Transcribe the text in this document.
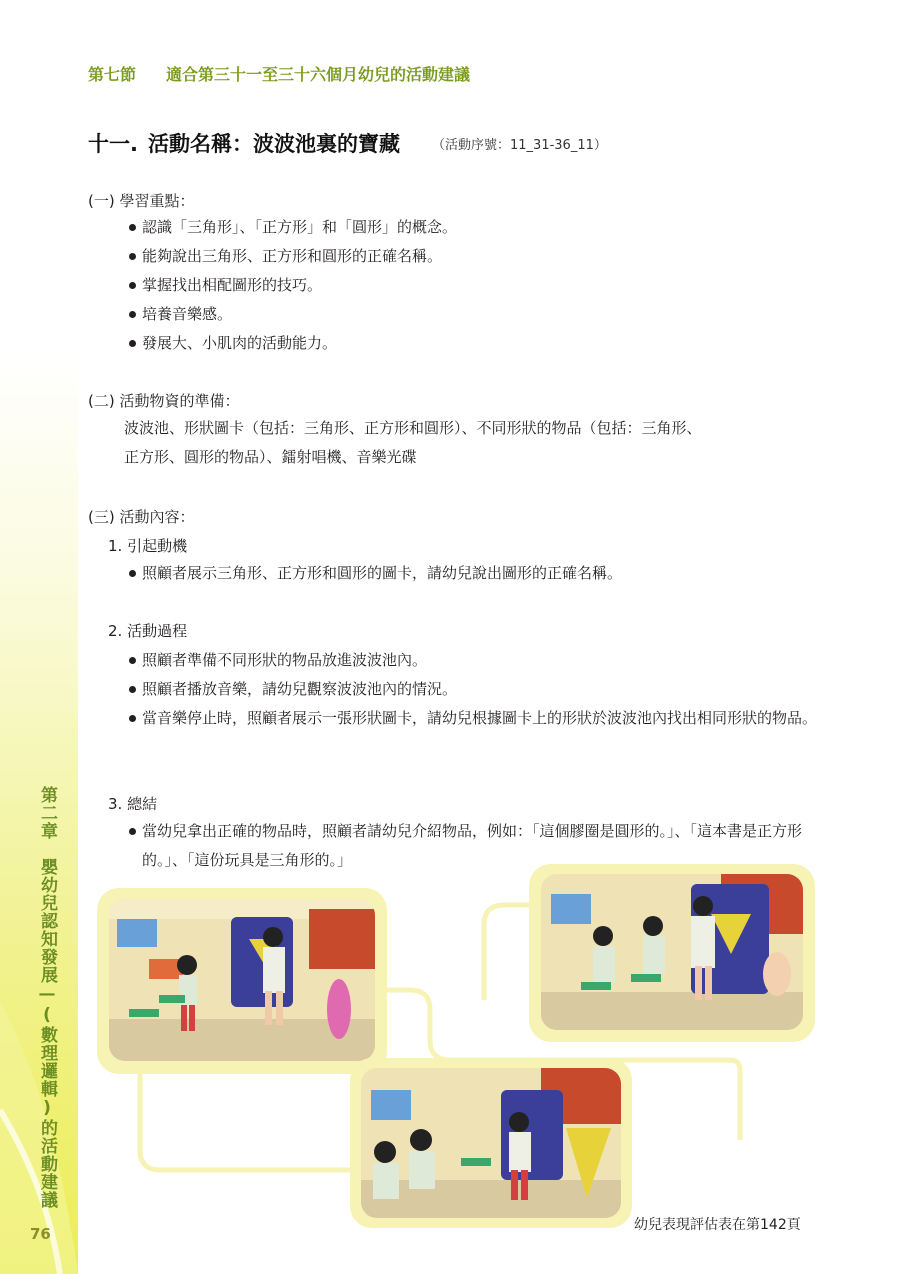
第二章　嬰幼兒認知發展—(數理邏輯)的活動建議
76
第七節 適合第三十一至三十六個月幼兒的活動建議
十一. 活動名稱：波波池裏的寶藏 （活動序號：11_31-36_11）
(一) 學習重點：
認識「三角形」、「正方形」和「圓形」的概念。
能夠說出三角形、正方形和圓形的正確名稱。
掌握找出相配圖形的技巧。
培養音樂感。
發展大、小肌肉的活動能力。
(二) 活動物資的準備：

波波池、形狀圖卡（包括：三角形、正方形和圓形）、不同形狀的物品（包括：三角形、

正方形、圓形的物品）、鐳射唱機、音樂光碟

(三) 活動內容：
1. 引起動機
照顧者展示三角形、正方形和圓形的圖卡，請幼兒說出圖形的正確名稱。
2. 活動過程
照顧者準備不同形狀的物品放進波波池內。
照顧者播放音樂，請幼兒觀察波波池內的情況。
當音樂停止時，照顧者展示一張形狀圖卡，請幼兒根據圖卡上的形狀於波波池內找出相同形狀的物品。
3. 總結
當幼兒拿出正確的物品時，照顧者請幼兒介紹物品，例如：「這個膠圈是圓形的。」、「這本書是正方形的。」、「這份玩具是三角形的。」
幼兒表現評估表在第142頁
